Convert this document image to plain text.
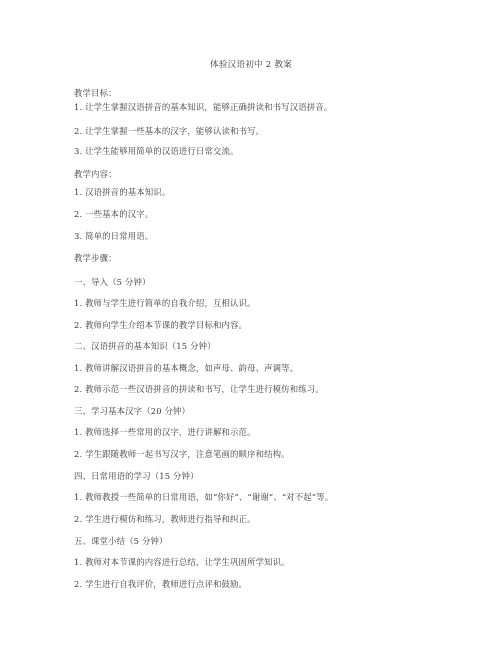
体验汉语初中 2 教案
教学目标：
1. 让学生掌握汉语拼音的基本知识，能够正确拼读和书写汉语拼音。
2. 让学生掌握一些基本的汉字，能够认读和书写。
3. 让学生能够用简单的汉语进行日常交流。
教学内容：
1. 汉语拼音的基本知识。
2. 一些基本的汉字。
3. 简单的日常用语。
教学步骤：
一、导入（5 分钟）
1. 教师与学生进行简单的自我介绍，互相认识。
2. 教师向学生介绍本节课的教学目标和内容。
二、汉语拼音的基本知识（15 分钟）
1. 教师讲解汉语拼音的基本概念，如声母、韵母、声调等。
2. 教师示范一些汉语拼音的拼读和书写，让学生进行模仿和练习。
三、学习基本汉字（20 分钟）
1. 教师选择一些常用的汉字，进行讲解和示范。
2. 学生跟随教师一起书写汉字，注意笔画的顺序和结构。
四、日常用语的学习（15 分钟）
1. 教师教授一些简单的日常用语，如“你好”、“谢谢”、“对不起”等。
2. 学生进行模仿和练习，教师进行指导和纠正。
五、课堂小结（5 分钟）
1. 教师对本节课的内容进行总结，让学生巩固所学知识。
2. 学生进行自我评价，教师进行点评和鼓励。
